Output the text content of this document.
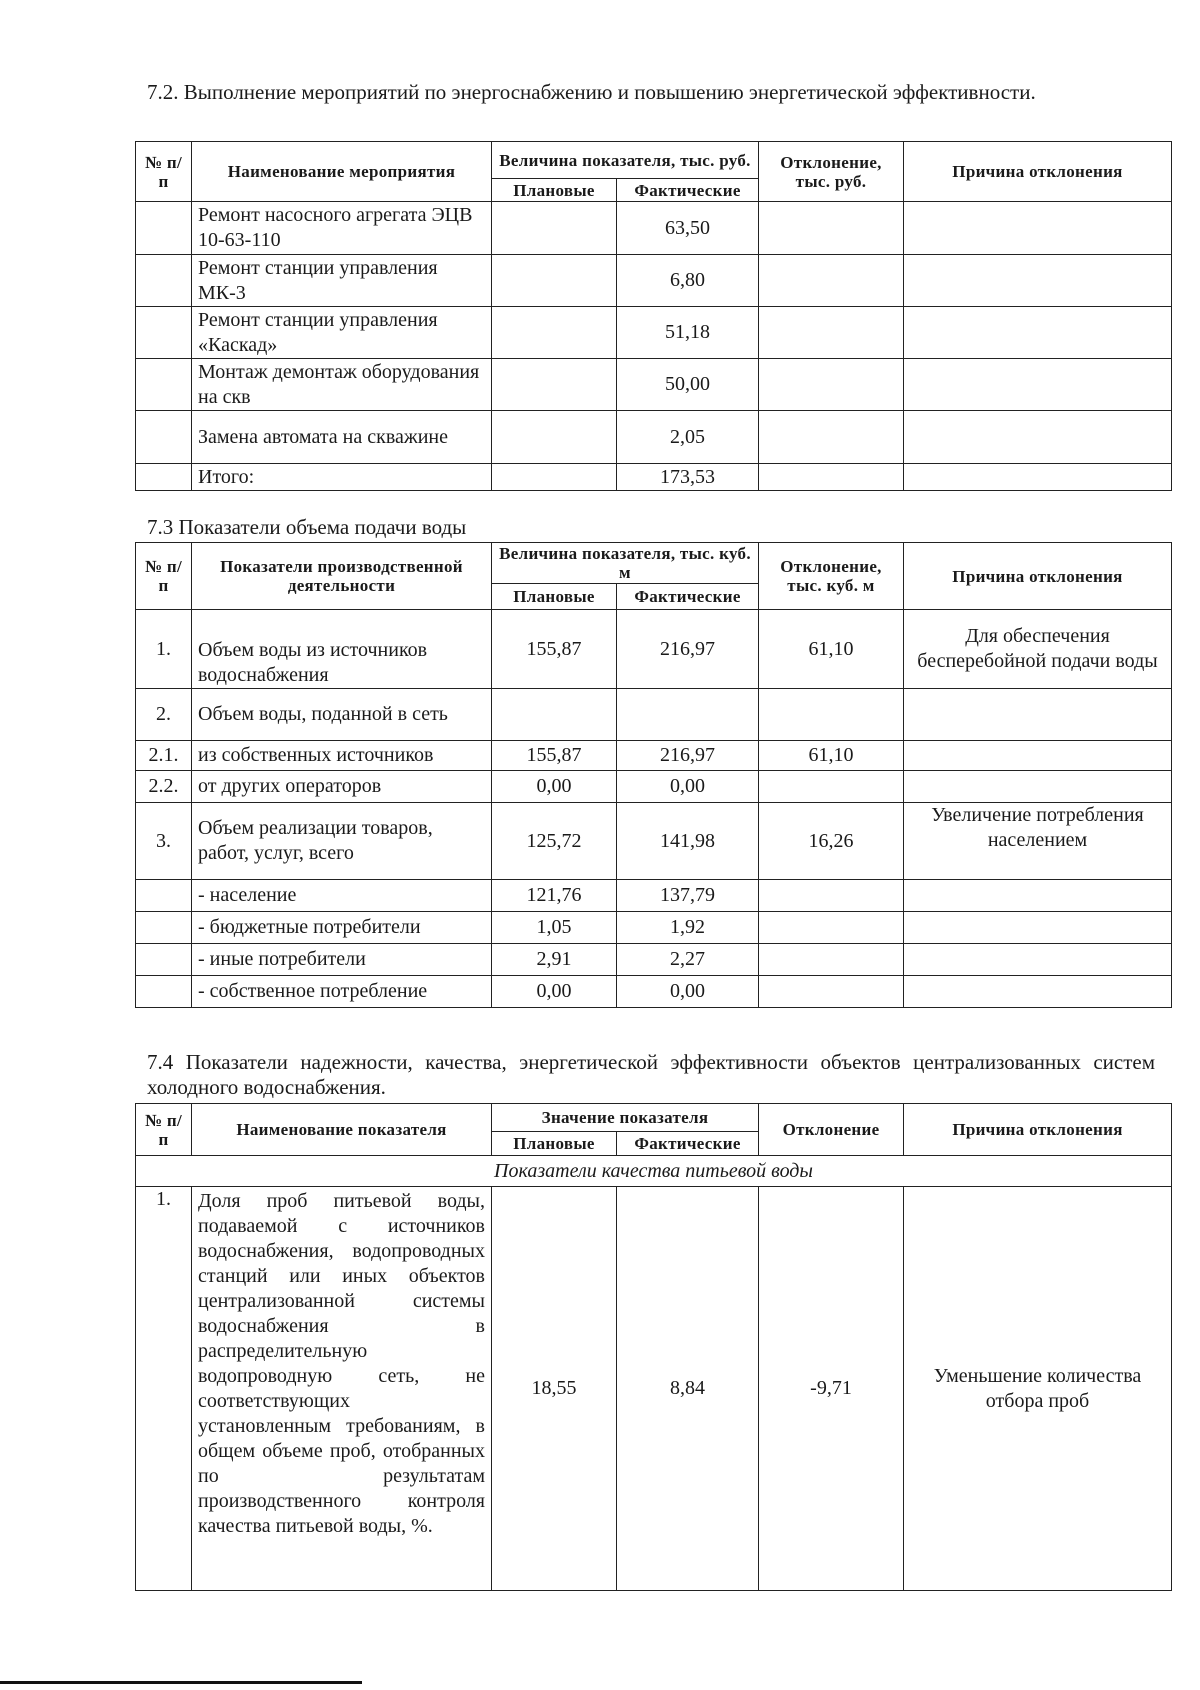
7.2. Выполнение мероприятий по энергоснабжению и повышению энергетической эффективности.
№ п/п	Наименование мероприятия	Величина показателя, тыс. руб.		Отклонение, тыс. руб.	Причина отклонения
		Плановые	Фактические		
	Ремонт насосного агрегата ЭЦВ 10-63-110		63,50		
	Ремонт станции управления МК-3		6,80		
	Ремонт станции управления «Каскад»		51,18		
	Монтаж демонтаж оборудования на скв		50,00		
	Замена автомата на скважине		2,05		
	Итого:		173,53		
7.3 Показатели объема подачи воды
№ п/п	Показатели производственной деятельности	Величина показателя, тыс. куб. м		Отклонение, тыс. куб. м	Причина отклонения
		Плановые	Фактические		
1.	Объем воды из источников водоснабжения	155,87	216,97	61,10	Для обеспечения бесперебойной подачи воды
2.	Объем воды, поданной в сеть				
2.1.	из собственных источников	155,87	216,97	61,10	
2.2.	от других операторов	0,00	0,00		
3.	Объем реализации товаров, работ, услуг, всего	125,72	141,98	16,26	Увеличение потребления населением
	- население	121,76	137,79		
	- бюджетные потребители	1,05	1,92		
	- иные потребители	2,91	2,27		
	- собственное потребление	0,00	0,00		
7.4 Показатели надежности, качества, энергетической эффективности объектов централизованных систем холодного водоснабжения.
№ п/п	Наименование показателя	Значение показателя		Отклонение	Причина отклонения
		Плановые	Фактические		
Показатели качества питьевой воды					
1.	Доля проб питьевой воды, подаваемой с источников водоснабжения, водопроводных станций или иных объектов централизованной системы водоснабжения в распределительную водопроводную сеть, не соответствующих установленным требованиям, в общем объеме проб, отобранных по результатам производственного контроля качества питьевой воды, %.	18,55	8,84	-9,71	Уменьшение количества отбора проб
